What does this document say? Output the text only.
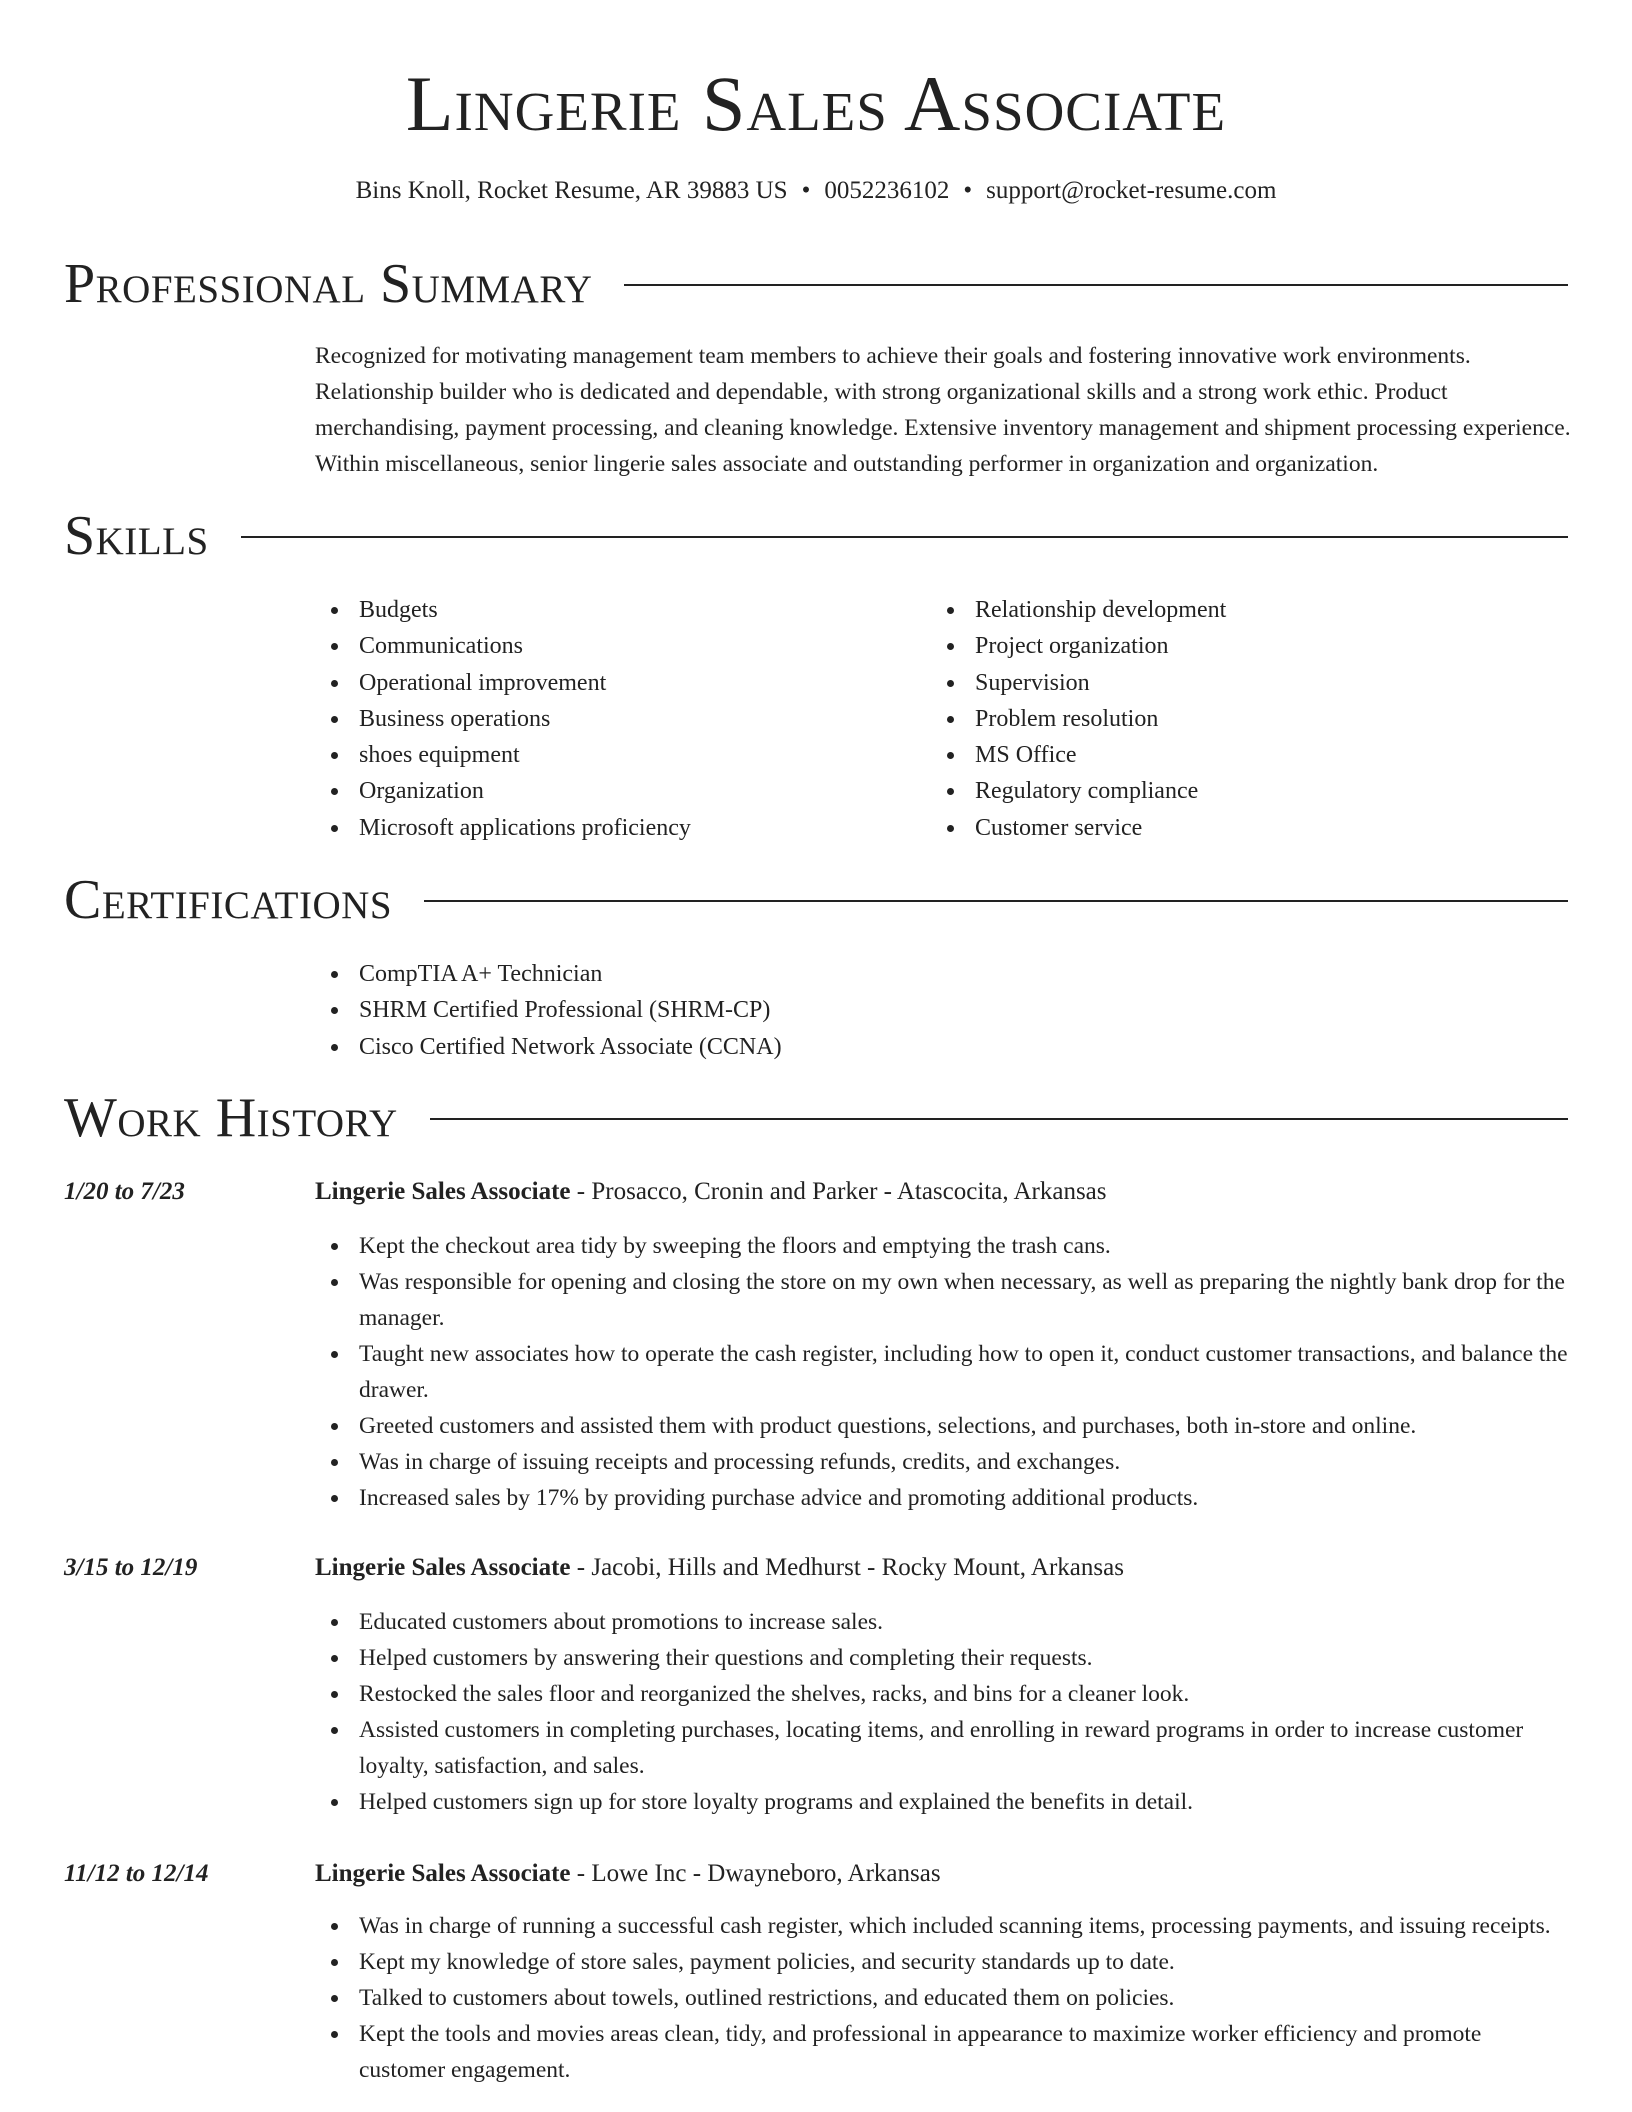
Lingerie Sales Associate
Bins Knoll, Rocket Resume, AR 39883 US • 0052236102 • support@rocket-resume.com
Professional Summary

Recognized for motivating management team members to achieve their goals and fostering innovative work environments. Relationship builder who is dedicated and dependable, with strong organizational skills and a strong work ethic. Product merchandising, payment processing, and cleaning knowledge. Extensive inventory management and shipment processing experience. Within miscellaneous, senior lingerie sales associate and outstanding performer in organization and organization.

Skills
Budgets
Communications
Operational improvement
Business operations
shoes equipment
Organization
Microsoft applications proficiency
Relationship development
Project organization
Supervision
Problem resolution
MS Office
Regulatory compliance
Customer service
Certifications
CompTIA A+ Technician
SHRM Certified Professional (SHRM-CP)
Cisco Certified Network Associate (CCNA)
Work History
1/20 to 7/23	Lingerie Sales Associate - Prosacco, Cronin and Parker - Atascocita, Arkansas
Kept the checkout area tidy by sweeping the floors and emptying the trash cans.
Was responsible for opening and closing the store on my own when necessary, as well as preparing the nightly bank drop for the manager.
Taught new associates how to operate the cash register, including how to open it, conduct customer transactions, and balance the drawer.
Greeted customers and assisted them with product questions, selections, and purchases, both in-store and online.
Was in charge of issuing receipts and processing refunds, credits, and exchanges.
Increased sales by 17% by providing purchase advice and promoting additional products.
3/15 to 12/19	Lingerie Sales Associate - Jacobi, Hills and Medhurst - Rocky Mount, Arkansas
Educated customers about promotions to increase sales.
Helped customers by answering their questions and completing their requests.
Restocked the sales floor and reorganized the shelves, racks, and bins for a cleaner look.
Assisted customers in completing purchases, locating items, and enrolling in reward programs in order to increase customer loyalty, satisfaction, and sales.
Helped customers sign up for store loyalty programs and explained the benefits in detail.
11/12 to 12/14	Lingerie Sales Associate - Lowe Inc - Dwayneboro, Arkansas
Was in charge of running a successful cash register, which included scanning items, processing payments, and issuing receipts.
Kept my knowledge of store sales, payment policies, and security standards up to date.
Talked to customers about towels, outlined restrictions, and educated them on policies.
Kept the tools and movies areas clean, tidy, and professional in appearance to maximize worker efficiency and promote customer engagement.
